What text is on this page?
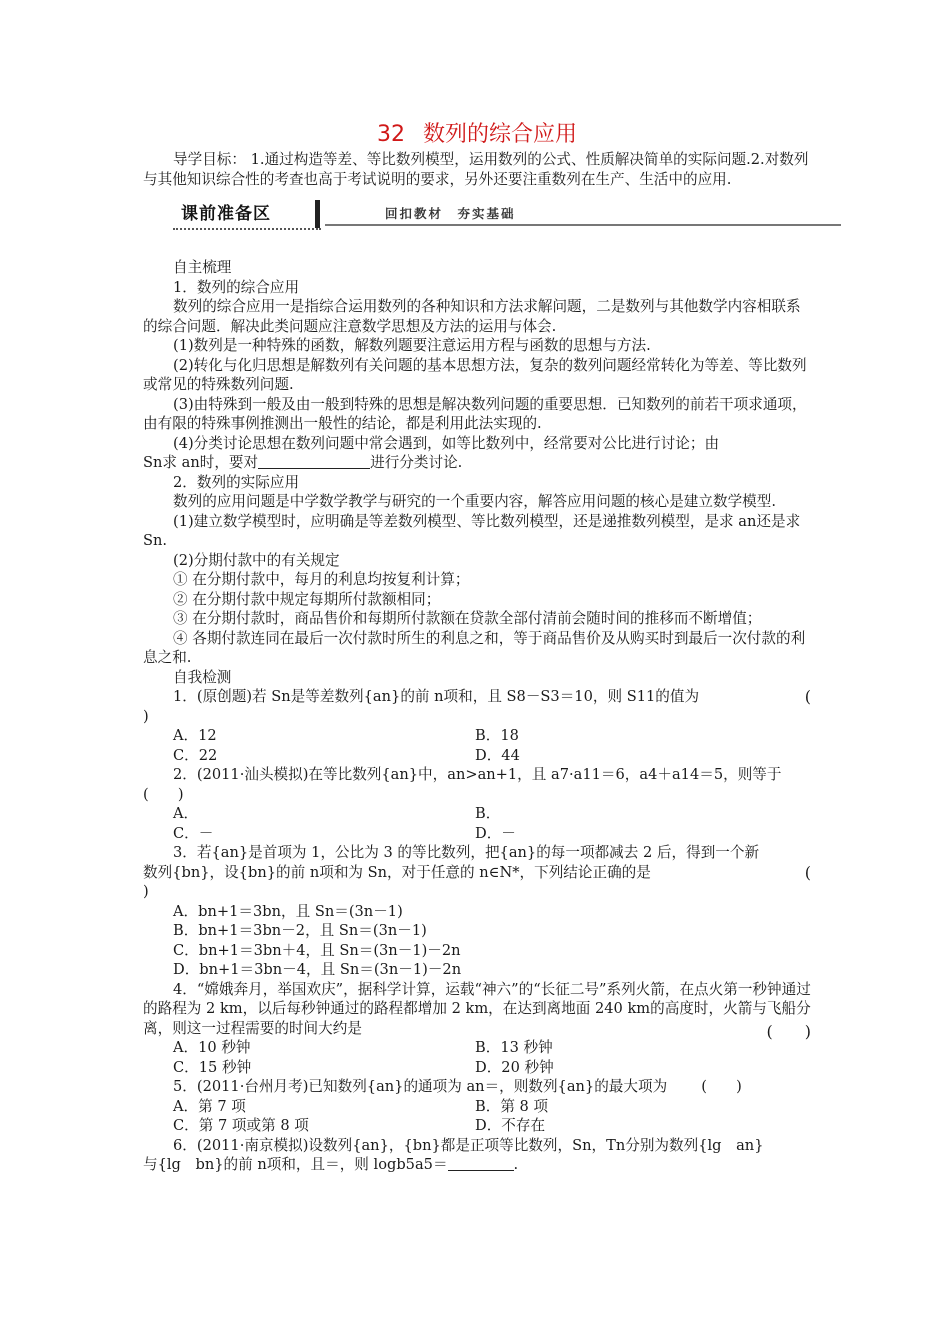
32 数列的综合应用

导学目标： 1.通过构造等差、等比数列模型，运用数列的公式、性质解决简单的实际问题.2.对数列与其他知识综合性的考查也高于考试说明的要求，另外还要注重数列在生产、生活中的应用.

课前准备区	回扣教材　夯实基础

自主梳理

1．数列的综合应用

数列的综合应用一是指综合运用数列的各种知识和方法求解问题，二是数列与其他数学内容相联系的综合问题．解决此类问题应注意数学思想及方法的运用与体会.

(1)数列是一种特殊的函数，解数列题要注意运用方程与函数的思想与方法.

(2)转化与化归思想是解数列有关问题的基本思想方法，复杂的数列问题经常转化为等差、等比数列或常见的特殊数列问题.

(3)由特殊到一般及由一般到特殊的思想是解决数列问题的重要思想．已知数列的前若干项求通项，由有限的特殊事例推测出一般性的结论，都是利用此法实现的.

(4)分类讨论思想在数列问题中常会遇到，如等比数列中，经常要对公比进行讨论；由

Sn求 an时，要对	进行分类讨论.

2．数列的实际应用

数列的应用问题是中学数学教学与研究的一个重要内容，解答应用问题的核心是建立数学模型.

(1)建立数学模型时，应明确是等差数列模型、等比数列模型，还是递推数列模型，是求 an还是求 Sn.

(2)分期付款中的有关规定

① 在分期付款中，每月的利息均按复利计算；

② 在分期付款中规定每期所付款额相同；

③ 在分期付款时，商品售价和每期所付款额在贷款全部付清前会随时间的推移而不断增值；

④ 各期付款连同在最后一次付款时所生的利息之和，等于商品售价及从购买时到最后一次付款的利息之和.

自我检测

1．(原创题)若 Sn是等差数列{an}的前 n项和，且 S8－S3＝10，则 S11的值为	(

)

A．12	B．18
C．22	D．44

2．(2011·汕头模拟)在等比数列{an}中，an>an+1，且 a7·a11＝6，a4＋a14＝5，则等于

(　　)

A．	B．
C．－	D．－

3．若{an}是首项为 1，公比为 3 的等比数列，把{an}的每一项都减去 2 后，得到一个新

数列{bn}，设{bn}的前 n项和为 Sn，对于任意的 n∈N*，下列结论正确的是	(

)

A．bn+1＝3bn，且 Sn＝(3n－1)

B．bn+1＝3bn－2，且 Sn＝(3n－1)

C．bn+1＝3bn＋4，且 Sn＝(3n－1)－2n

D．bn+1＝3bn－4，且 Sn＝(3n－1)－2n

4．“嫦娥奔月，举国欢庆”，据科学计算，运载“神六”的“长征二号”系列火箭，在点火第一秒钟通过的路程为 2 km，以后每秒钟通过的路程都增加 2 km，在达到离地面 240 km的高度时，火箭与飞船分离，则这一过程需要的时间大约是	(　　)
A．10 秒钟	B．13 秒钟
C．15 秒钟	D．20 秒钟

5．(2011·台州月考)已知数列{an}的通项为 an＝，则数列{an}的最大项为 (　　)

A．第 7 项	B．第 8 项
C．第 7 项或第 8 项	D．不存在

6．(2011·南京模拟)设数列{an}，{bn}都是正项等比数列，Sn，Tn分别为数列{lg　an}

与{lg　bn}的前 n项和，且＝，则 logb5a5＝	.
